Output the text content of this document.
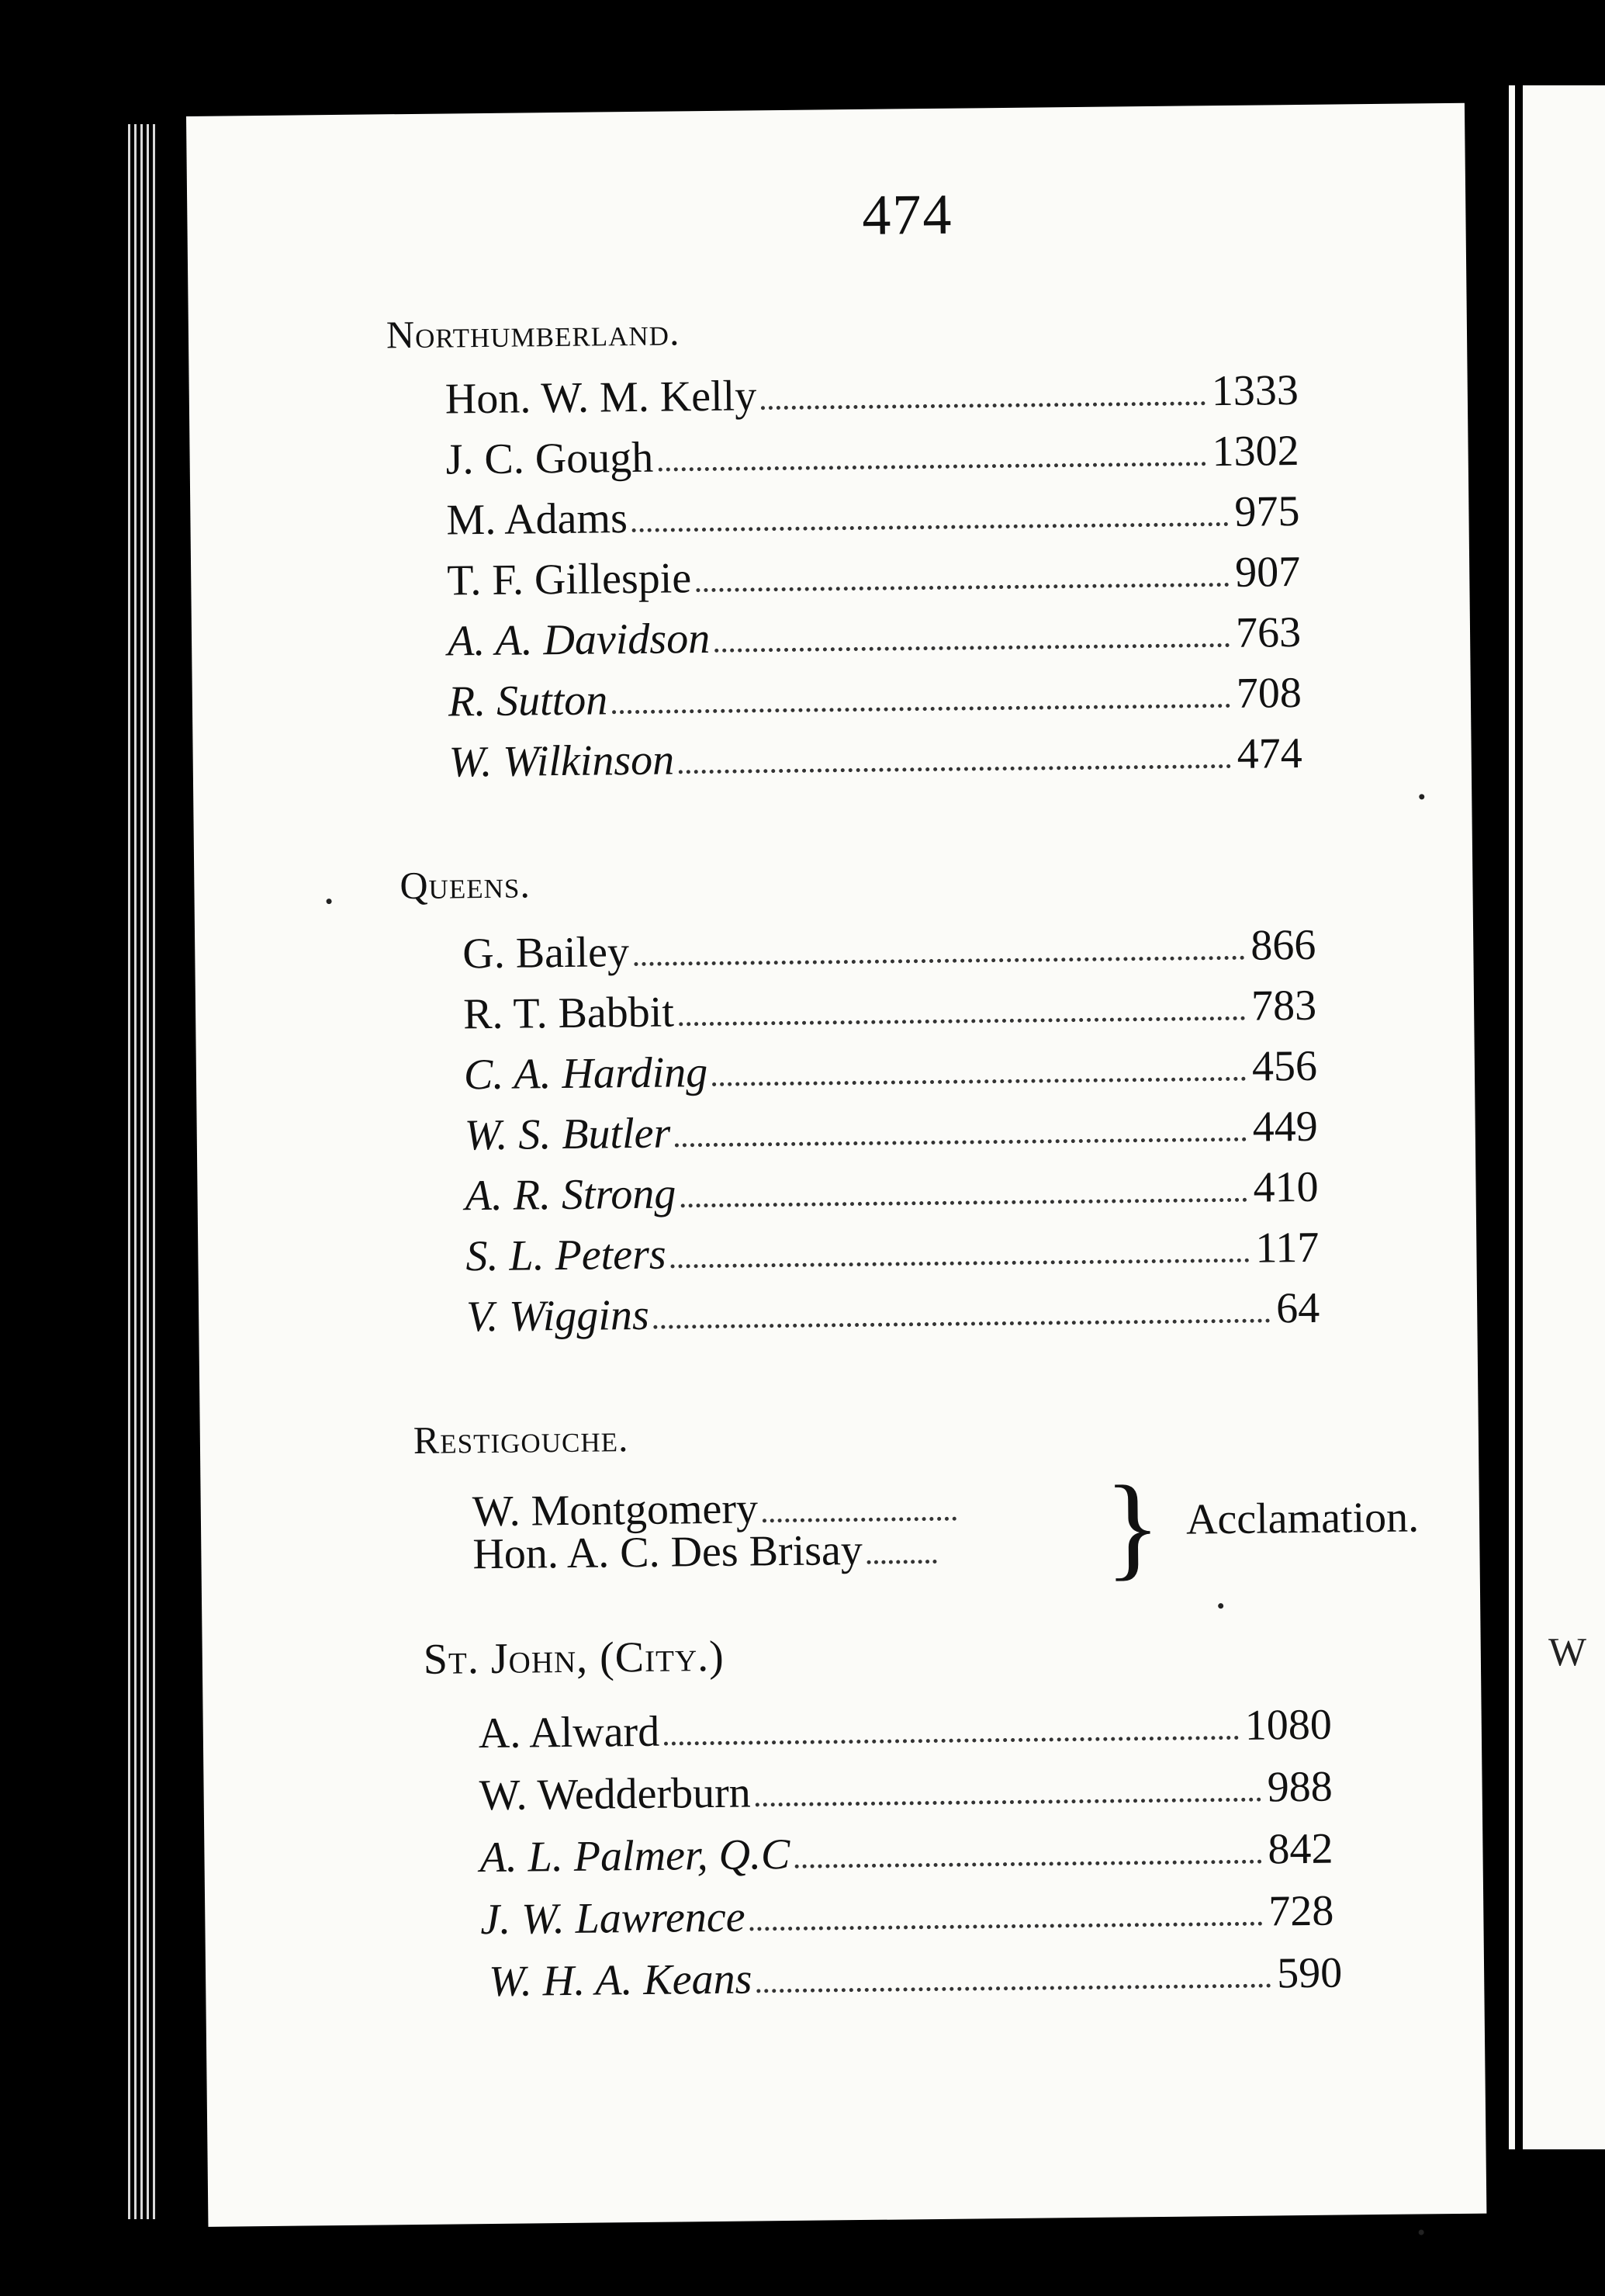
W
474
Northumberland.
Hon. W. M. Kelly	1333
J. C. Gough	1302
M. Adams	975
T. F. Gillespie	907
A. A. Davidson	763
R. Sutton	708
W. Wilkinson	474
Queens.
G. Bailey	866
R. T. Babbit	783
C. A. Harding	456
W. S. Butler	449
A. R. Strong	410
S. L. Peters	117
V. Wiggins	64
Restigouche.
W. Montgomery
Hon. A. C. Des Brisay } Acclamation.
St. John, (City.)
A. Alward	1080
W. Wedderburn	988
A. L. Palmer, Q.C	842
J. W. Lawrence	728
W. H. A. Keans	590
